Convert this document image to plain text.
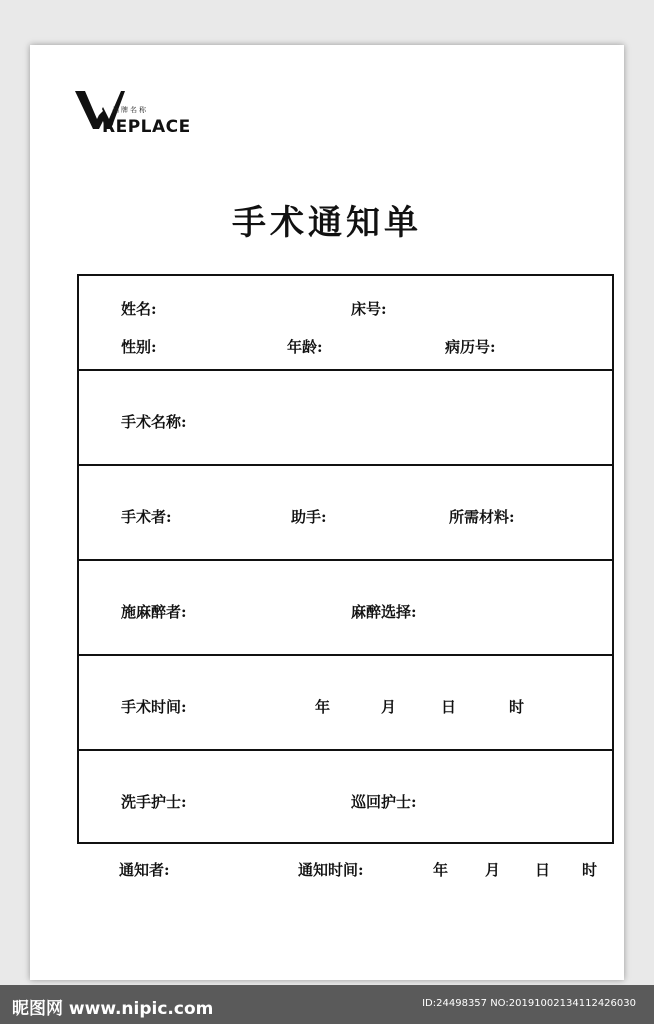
品牌名称
REPLACE
手术通知单
姓名:	床号:
性别:	年龄:	病历号:
手术名称:
手术者:	助手:	所需材料:
施麻醉者:	麻醉选择:
手术时间:	年	月	日	时
洗手护士:	巡回护士:
通知者:	通知时间:	年 月 日 时
昵图网 www.nipic.com	ID:24498357 NO:20191002134112426030
